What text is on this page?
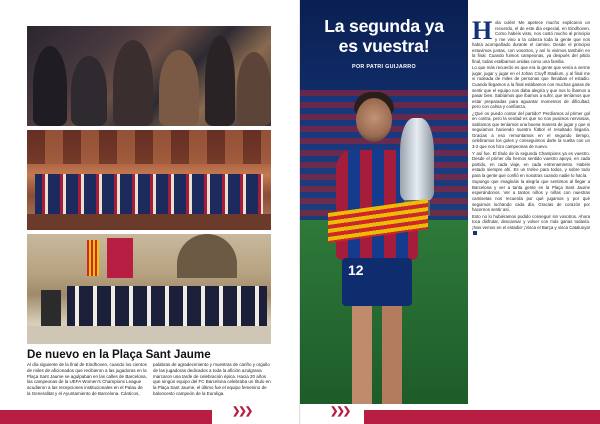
De nuevo en la Plaça Sant Jaume
Al día siguiente de la final de Eindhoven, cuando los cientos de miles de aficionados que recibieron a las jugadoras en la Plaça Sant Jaume se agolpaban en las calles de Barcelona, las campeonas de la UEFA Women's Champions League acudieron a las recepciones institucionales en el Palau de la Generalitat y el Ayuntamiento de Barcelona. Cánticos, palabras de agradecimiento y muestras de cariño y orgullo de las jugadoras dedicados a toda la afición azulgrana marcaron una tarde de celebración épica. Hacia 20 años que ningún equipo del FC Barcelona celebraba un título en la Plaça Sant Jaume, el último fue el equipo femenino de baloncesto campeón de la Euroliga.
❯❯❯
12
La segunda ya
es vuestra!
POR PATRI GUIJARRO
H ola culés! Me apetece mucho explicaros un recuerdo, el de este día especial, en Eindhoven. Como habéis visto, nos costó mucho al principio y me vino a la cabeza toda la gente que nos había acompañado durante el camino. Desde el principio estuvimos juntas, con vosotros, y así lo vivimos también en la final. Cuando fuimos campeonas, ya después del pitido final, todas estábamos unidas como una familia.

Lo que más recuerdo es que era la gente que venía a verme jugar, jugar y jugar en el Johan Cruyff Stadium, y al final me vi rodeada de miles de personas que llenaban el estadio. Cuando llegamos a la final estábamos con muchas ganas de sentir que el equipo nos daba alegría y que nos lo íbamos a pasar bien. Sabíamos que íbamos a sufrir, que teníamos que estar preparadas para aguantar momentos de dificultad, pero con calma y confianza.

¿Qué os puedo contar del partido? Perdíamos al primer gol en contra, pero la verdad es que no nos pusimos nerviosas, sabíamos que teníamos una buena manera de jugar y que si seguíamos haciendo nuestro fútbol el resultado llegaría. Gracias a eso remontamos en el segundo tiempo, celebramos los goles y conseguimos darle la vuelta con un 3-2 que nos hizo campeonas de nuevo.

Y así fue. El título de la segunda Champions ya es vuestro. Desde el primer día hemos sentido vuestro apoyo, en cada partido, en cada viaje, en cada entrenamiento. Habéis estado siempre ahí. Es un trofeo para todos, y sobre todo para la gente que confió en nosotras cuando nadie lo hacía.

Supongo que imagináis la alegría que sentimos al llegar a Barcelona y ver a tanta gente en la Plaça Sant Jaume esperándonos. Ver a tantos niños y niñas con nuestras camisetas nos recuerda por qué jugamos y por qué seguimos luchando cada día. Gracias de corazón por hacernos sentir así.

Esto no lo hubiéramos podido conseguir sin vosotros. Ahora toca disfrutar, descansar y volver con más ganas todavía. ¡Nos vemos en el estadio! ¡Visca el Barça y visca Catalunya!

❯❯❯
